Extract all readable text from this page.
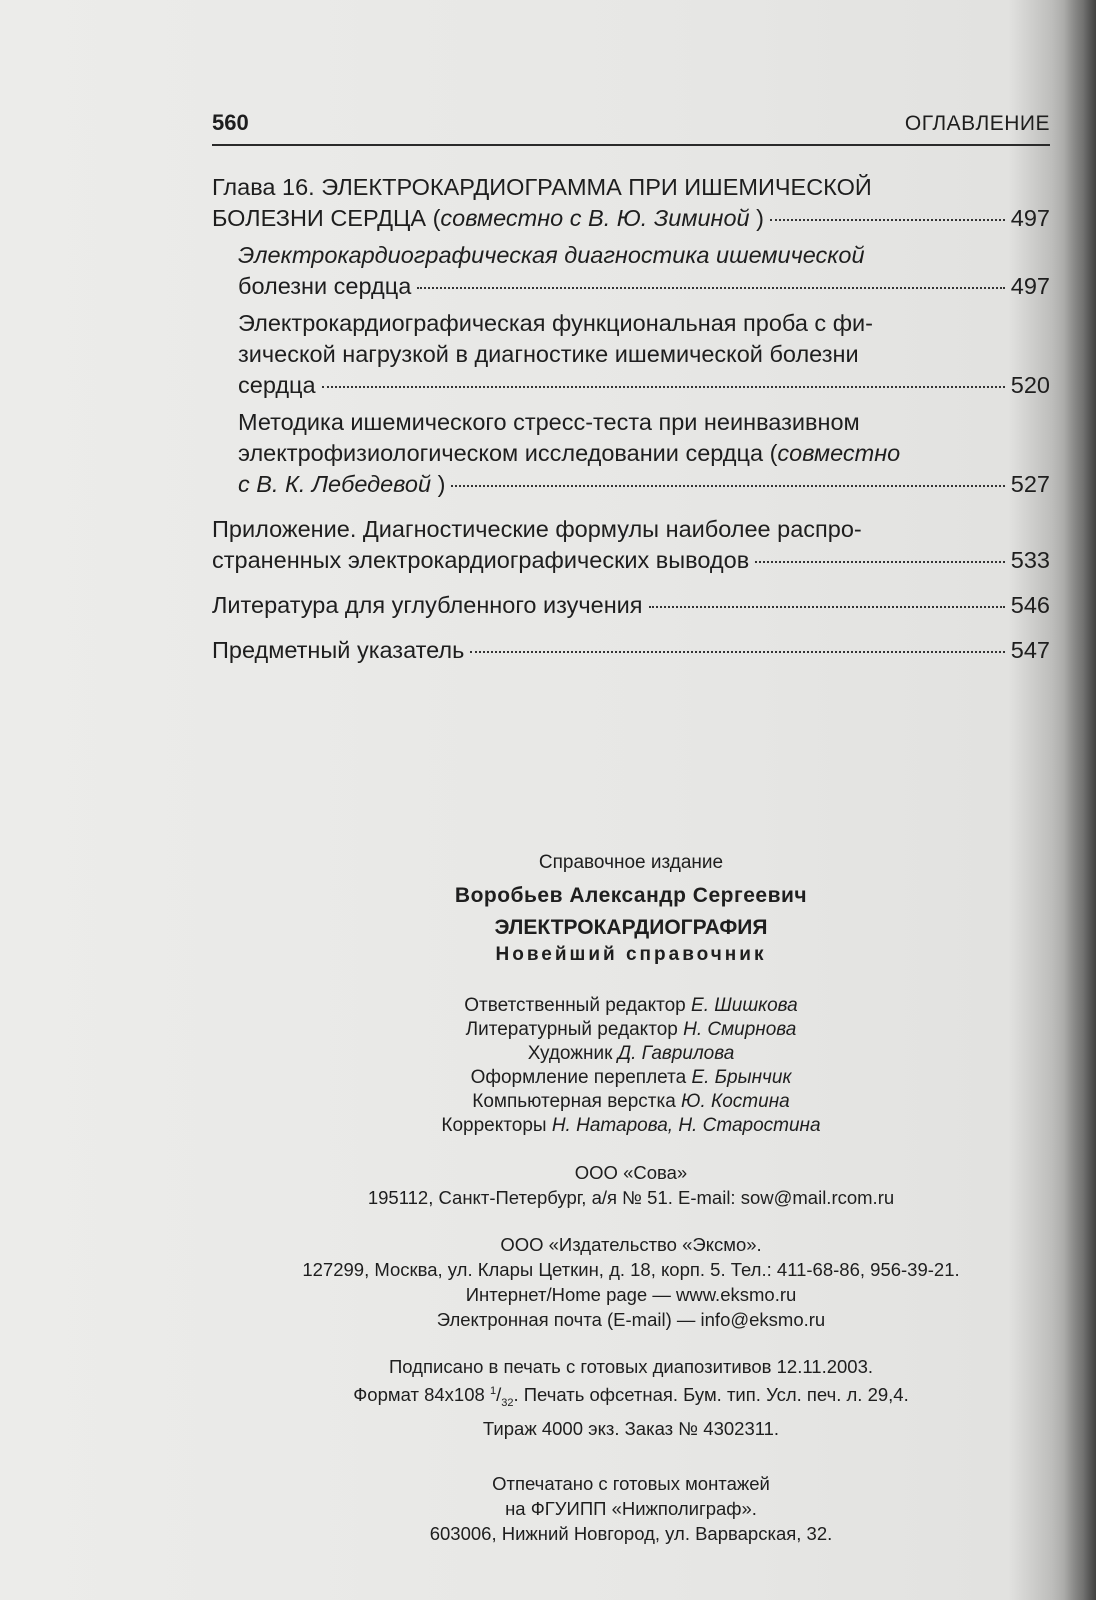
560	ОГЛАВЛЕНИЕ
Глава 16. ЭЛЕКТРОКАРДИОГРАММА ПРИ ИШЕМИЧЕСКОЙ
БОЛЕЗНИ СЕРДЦА (совместно с В. Ю. Зиминой )	497
Электрокардиографическая диагностика ишемической
болезни сердца	497
Электрокардиографическая функциональная проба с фи-
зической нагрузкой в диагностике ишемической болезни
сердца	520
Методика ишемического стресс-теста при неинвазивном
электрофизиологическом исследовании сердца (совместно
с В. К. Лебедевой )	527
Приложение. Диагностические формулы наиболее распро-
страненных электрокардиографических выводов	533
Литература для углубленного изучения	546
Предметный указатель	547
Справочное издание
Воробьев Александр Сергеевич
ЭЛЕКТРОКАРДИОГРАФИЯ
Новейший справочник
Ответственный редактор Е. Шишкова
Литературный редактор Н. Смирнова
Художник Д. Гаврилова
Оформление переплета Е. Брынчик
Компьютерная верстка Ю. Костина
Корректоры Н. Натарова, Н. Старостина
ООО «Сова»
195112, Санкт-Петербург, а/я № 51. E-mail: sow@mail.rcom.ru
ООО «Издательство «Эксмо».
127299, Москва, ул. Клары Цеткин, д. 18, корп. 5. Тел.: 411-68-86, 956-39-21.
Интернет/Home page — www.eksmo.ru
Электронная почта (E-mail) — info@eksmo.ru
Подписано в печать с готовых диапозитивов 12.11.2003.
Формат 84x108 $^1/_{32}$. Печать офсетная. Бум. тип. Усл. печ. л. 29,4.
Тираж 4000 экз. Заказ № 4302311.
Отпечатано с готовых монтажей
на ФГУИПП «Нижполиграф».
603006, Нижний Новгород, ул. Варварская, 32.
